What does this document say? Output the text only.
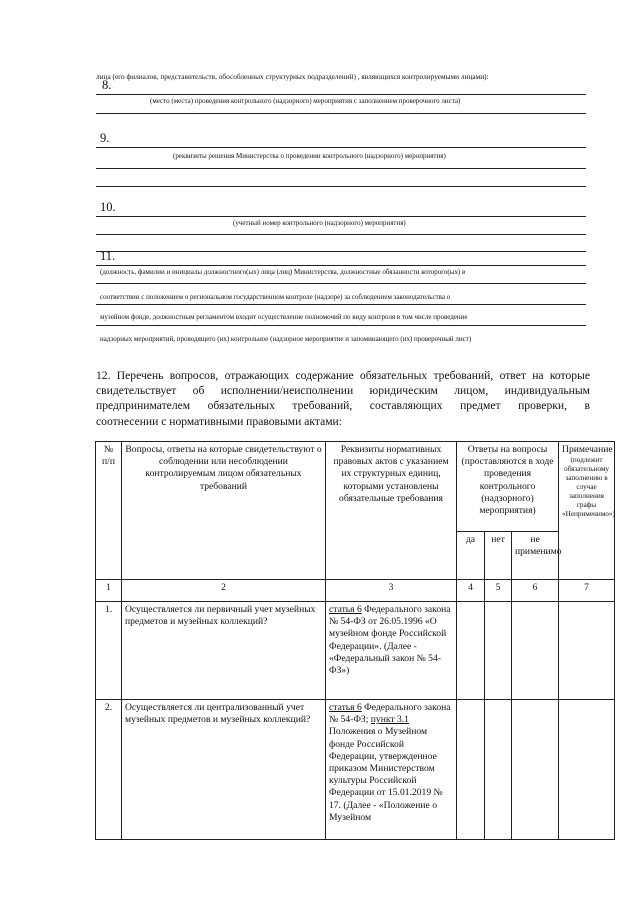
лица (его филиалов, представительств, обособленных структурных подразделений) , являющихся контролируемыми лицами):
8.
(место (места) проведения контрольного (надзорного) мероприятия с заполнением проверочного листа)
9.
(реквизиты решения Министерства о проведении контрольного (надзорного) мероприятия)
10.
(учетный номер контрольного (надзорного) мероприятия)
11.
(должность, фамилии и инициалы должностного(ых) лица (лиц) Министерства, должностные обязанности которого(ых) в
соответствии с положением о региональном государственном контроле (надзоре) за соблюдением законодательства о
музейном фонде, должностным регламентом входит осуществление полномочий по виду контроля в том числе проведение
надзорных мероприятий, проводящего (их) контрольное (надзорное мероприятие и запоминающего (их) проверочный лист)
12. Перечень вопросов, отражающих содержание обязательных требований, ответ на которые
свидетельствует об исполнении/неисполнении юридическим лицом, индивидуальным
предпринимателем обязательных требований, составляющих предмет проверки, в
соотнесении с нормативными правовыми актами:
№ п/п	Вопросы, ответы на которые свидетельствуют о соблюдении или несоблюдении контролируемым лицом обязательных требований	Реквизиты нормативных правовых актов с указанием их структурных единиц, которыми установлены обязательные требования	Ответы на вопросы (проставляются в ходе проведения контрольного (надзорного) мероприятия)			Примечание
(подлежит обязательному заполнению в случае заполнения графы «Неприменимо»)

			да	нет	не применимо	
1	2	3	4	5	6	7
1.	Осуществляется ли первичный учет музейных предметов и музейных коллекций?	статья 6 Федерального закона № 54-ФЗ от 26.05.1996 «О музейном фонде Российской Федерации». (Далее - «Федеральный закон № 54-ФЗ»)				
2.	Осуществляется ли централизованный учет музейных предметов и музейных коллекций?	статья 6 Федерального закона № 54-ФЗ; пункт 3.1 Положения о Музейном фонде Российской Федерации, утвержденное приказом Министерством культуры Российской Федерации от 15.01.2019 № 17. (Далее - «Положение о Музейном				
